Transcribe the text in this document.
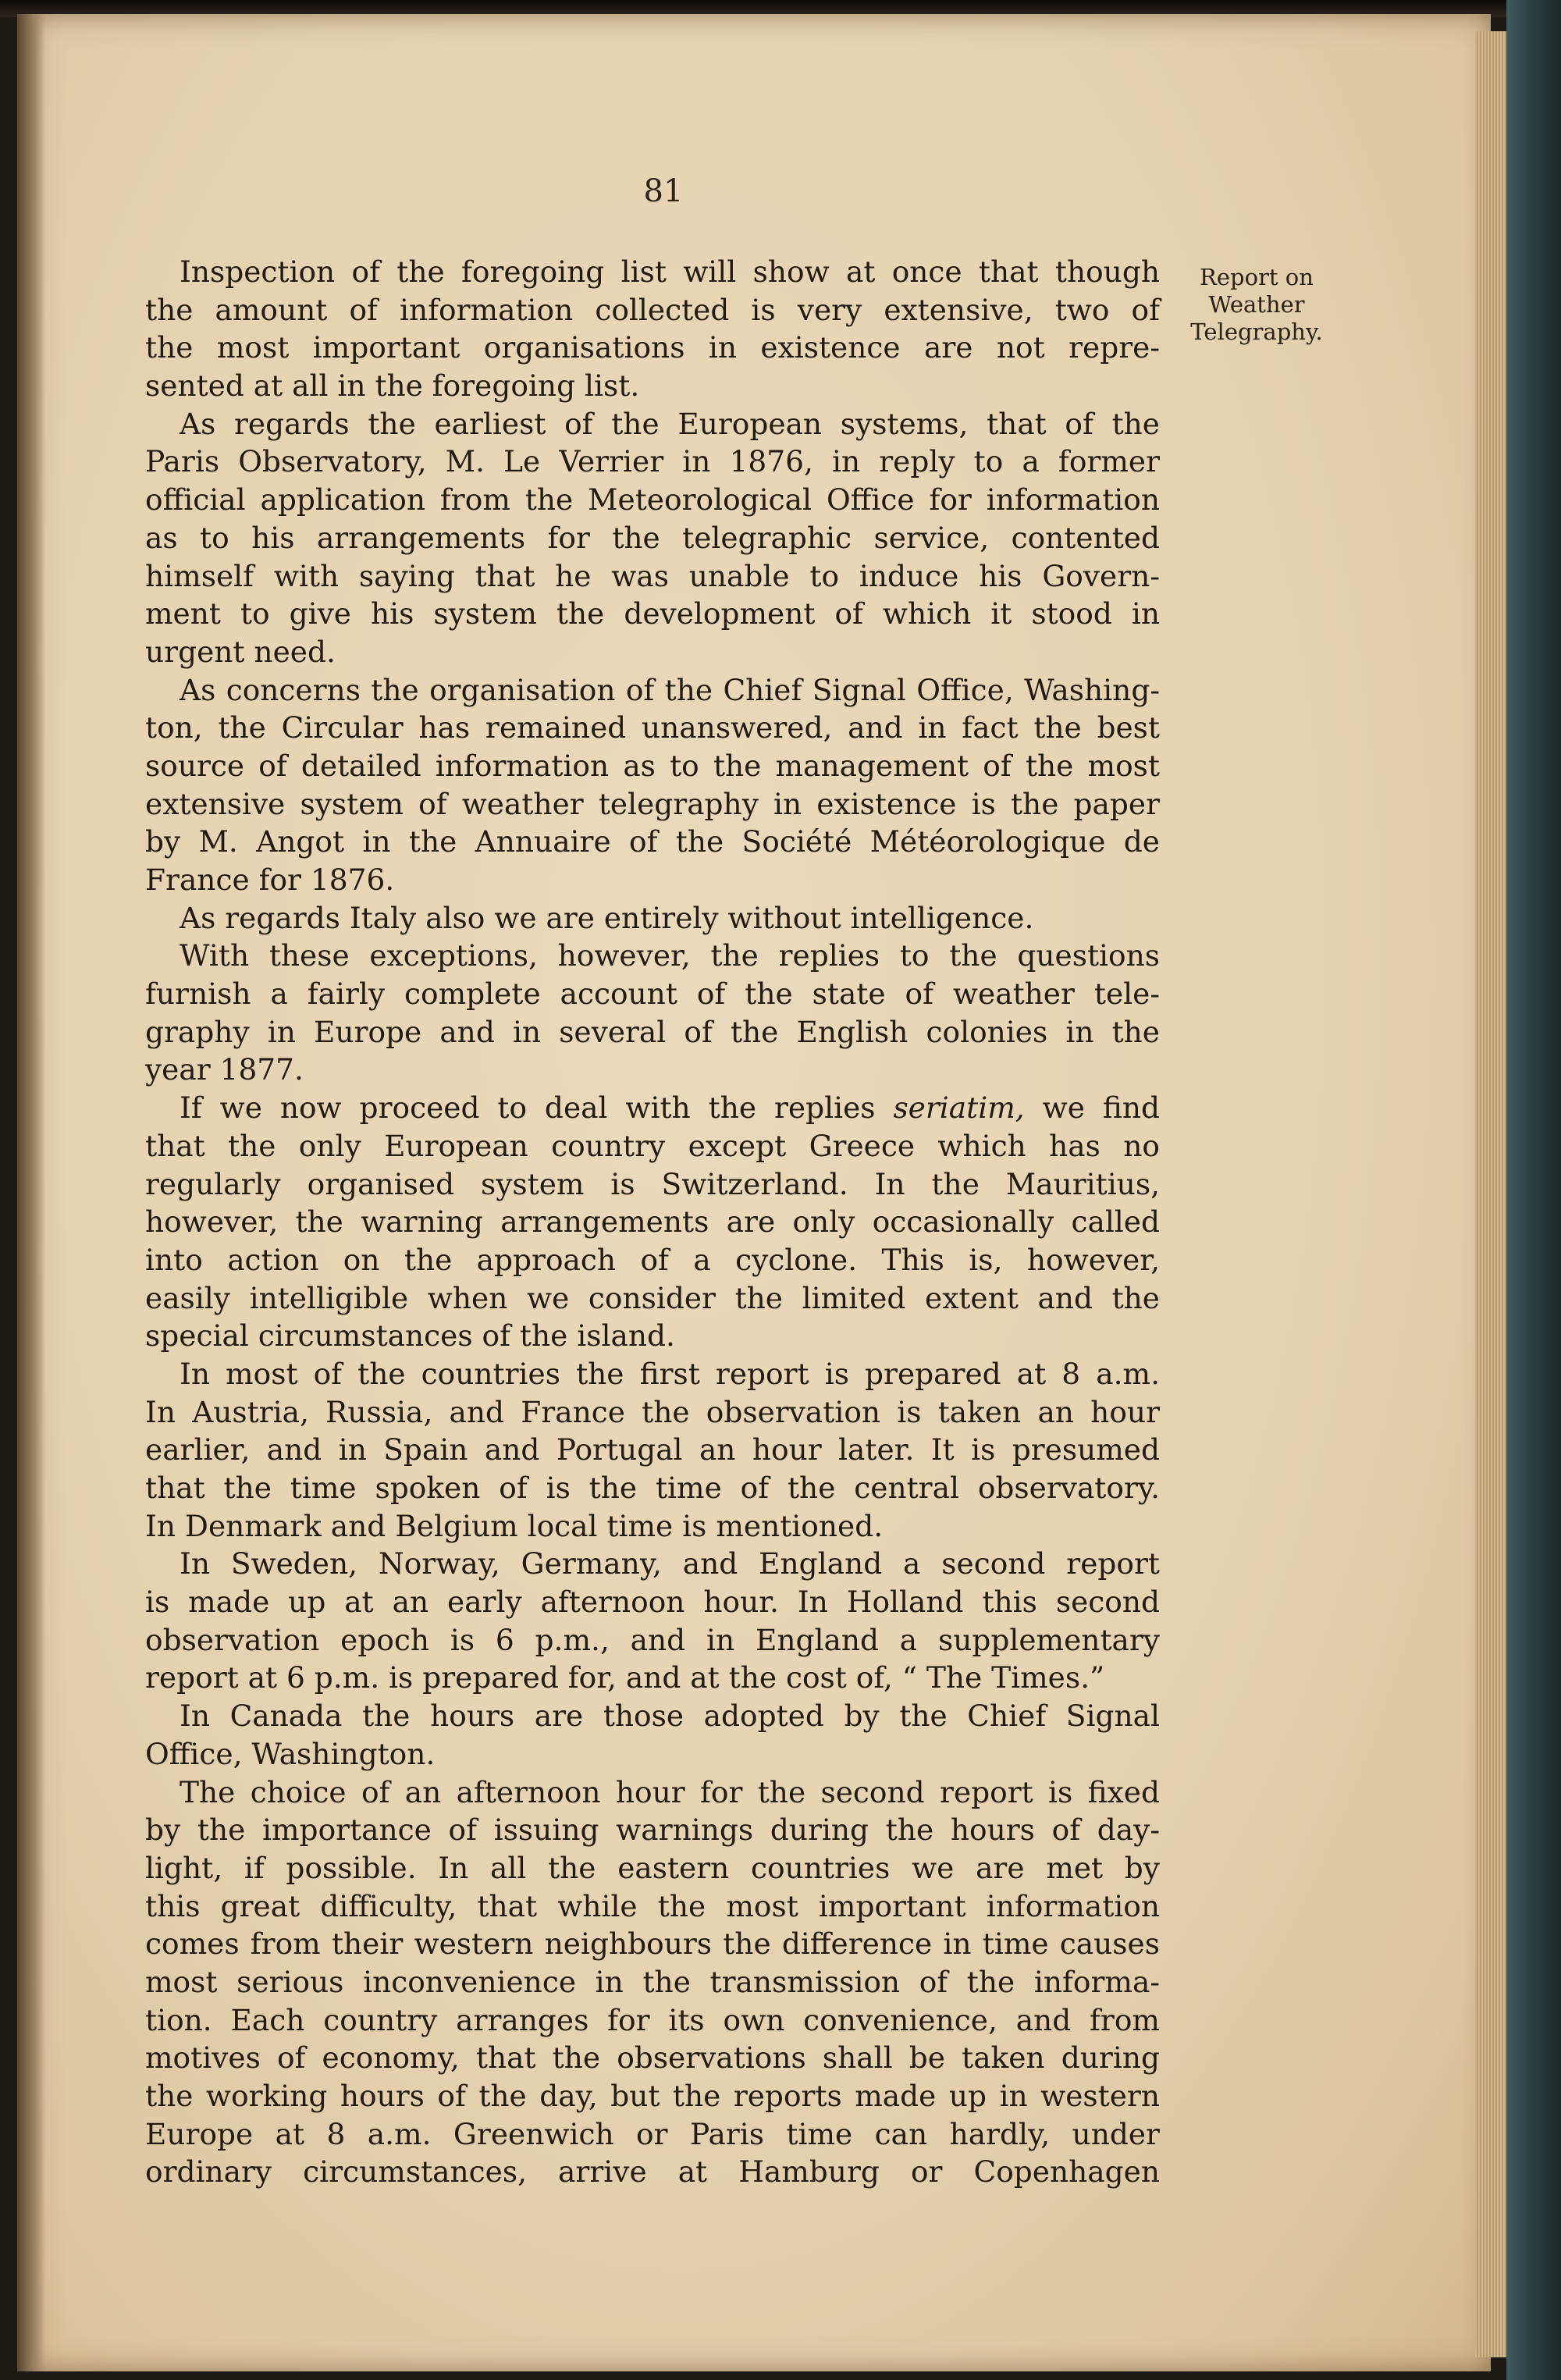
81
Report on
Weather
Telegraphy.
Inspection of the foregoing list will show at once that though
the amount of information collected is very extensive, two of
the most important organisations in existence are not repre-
sented at all in the foregoing list.
As regards the earliest of the European systems, that of the
Paris Observatory, M. Le Verrier in 1876, in reply to a former
official application from the Meteorological Office for information
as to his arrangements for the telegraphic service, contented
himself with saying that he was unable to induce his Govern-
ment to give his system the development of which it stood in
urgent need.
As concerns the organisation of the Chief Signal Office, Washing-
ton, the Circular has remained unanswered, and in fact the best
source of detailed information as to the management of the most
extensive system of weather telegraphy in existence is the paper
by M. Angot in the Annuaire of the Société Météorologique de
France for 1876.
As regards Italy also we are entirely without intelligence.
With these exceptions, however, the replies to the questions
furnish a fairly complete account of the state of weather tele-
graphy in Europe and in several of the English colonies in the
year 1877.
If we now proceed to deal with the replies seriatim, we find
that the only European country except Greece which has no
regularly organised system is Switzerland. In the Mauritius,
however, the warning arrangements are only occasionally called
into action on the approach of a cyclone. This is, however,
easily intelligible when we consider the limited extent and the
special circumstances of the island.
In most of the countries the first report is prepared at 8 a.m.
In Austria, Russia, and France the observation is taken an hour
earlier, and in Spain and Portugal an hour later. It is presumed
that the time spoken of is the time of the central observatory.
In Denmark and Belgium local time is mentioned.
In Sweden, Norway, Germany, and England a second report
is made up at an early afternoon hour. In Holland this second
observation epoch is 6 p.m., and in England a supplementary
report at 6 p.m. is prepared for, and at the cost of, “ The Times.”
In Canada the hours are those adopted by the Chief Signal
Office, Washington.
The choice of an afternoon hour for the second report is fixed
by the importance of issuing warnings during the hours of day-
light, if possible. In all the eastern countries we are met by
this great difficulty, that while the most important information
comes from their western neighbours the difference in time causes
most serious inconvenience in the transmission of the informa-
tion. Each country arranges for its own convenience, and from
motives of economy, that the observations shall be taken during
the working hours of the day, but the reports made up in western
Europe at 8 a.m. Greenwich or Paris time can hardly, under
ordinary circumstances, arrive at Hamburg or Copenhagen
